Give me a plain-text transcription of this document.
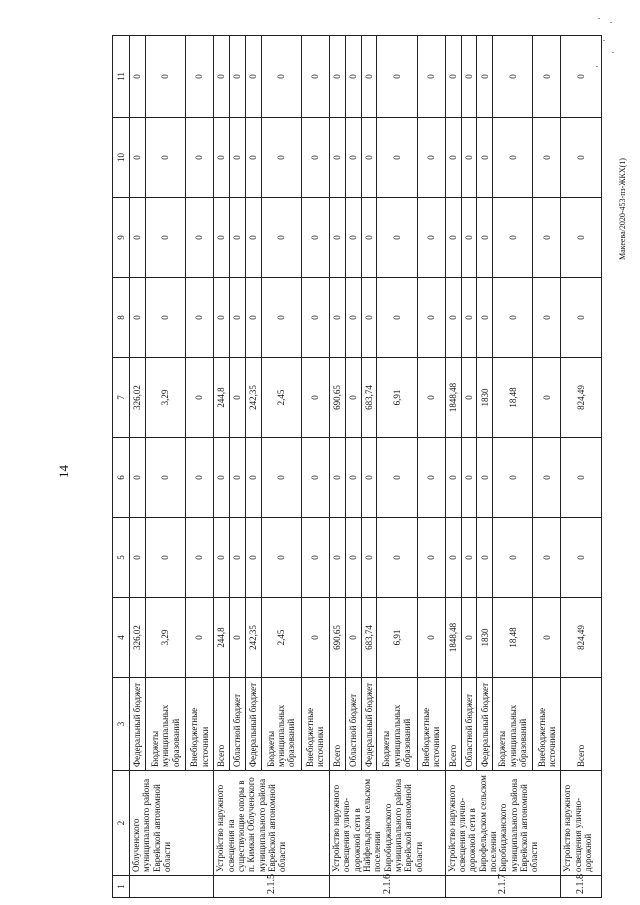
14
Макеева/2020-453-пз-ЖКХ(1)
1	2	3	4	5	6	7	8	9	10	11
	Облученского муниципального района Еврейской автономной области	Федеральный бюджет	326,02	0	0	326,02	0	0	0	0
		Бюджеты муниципальных образований	3,29	0	0	3,29	0	0	0	0
		Внебюджетные источники	0	0	0	0	0	0	0	0
2.1.5	Устройство наружного освещения на существующие опоры в п. Кимкан Облученского муниципального района Еврейской автономной области	Всего	244,8	0	0	244,8	0	0	0	0
		Областной бюджет	0	0	0	0	0	0	0	0
		Федеральный бюджет	242,35	0	0	242,35	0	0	0	0
		Бюджеты муниципальных образований	2,45	0	0	2,45	0	0	0	0
		Внебюджетные источники	0	0	0	0	0	0	0	0
2.1.6	Устройство наружного освещения улично-дорожной сети в Найфельдском сельском поселении Биробиджанского муниципального района Еврейской автономной области	Всего	690,65	0	0	690,65	0	0	0	0
		Областной бюджет	0	0	0	0	0	0	0	0
		Федеральный бюджет	683,74	0	0	683,74	0	0	0	0
		Бюджеты муниципальных образований	6,91	0	0	6,91	0	0	0	0
		Внебюджетные источники	0	0	0	0	0	0	0	0
2.1.7	Устройство наружного освещения улично-дорожной сети в Бирофельдском сельском поселении Биробиджанского муниципального района Еврейской автономной области	Всего	1848,48	0	0	1848,48	0	0	0	0
		Областной бюджет	0	0	0	0	0	0	0	0
		Федеральный бюджет	1830	0	0	1830	0	0	0	0
		Бюджеты муниципальных образований	18,48	0	0	18,48	0	0	0	0
		Внебюджетные источники	0	0	0	0	0	0	0	0
2.1.8	Устройство наружного освещения улично-дорожной	Всего	824,49	0	0	824,49	0	0	0	0
